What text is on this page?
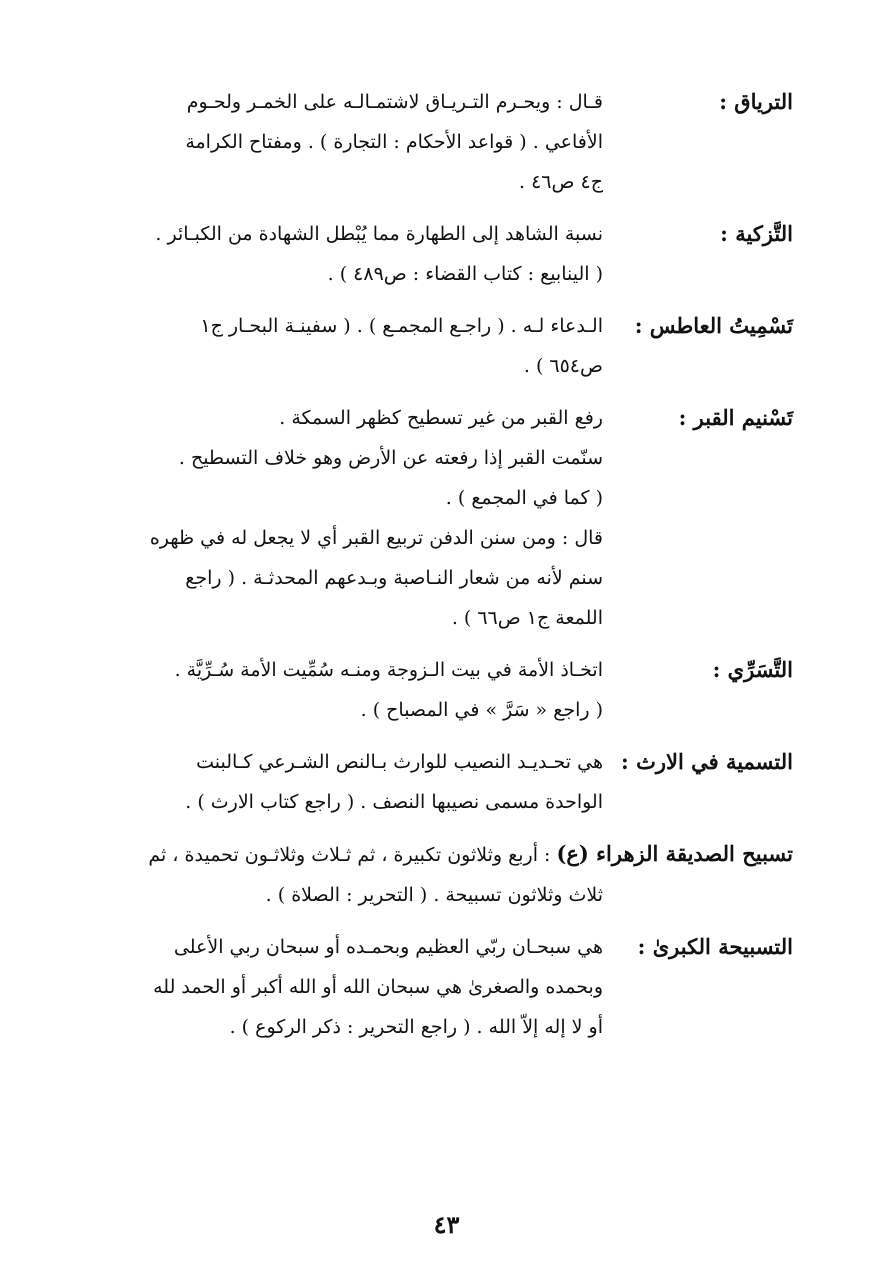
الترياق :
قـال : ويحـرم التـريـاق لاشتمـالـه على الخمـر ولحـوم
الأفاعي . ( قواعد الأحكام : التجارة ) . ومفتاح الكرامة
ج٤ ص٤٦ .
التَّزكية :
نسبة الشاهد إلى الطهارة مما يُبْطل الشهادة من الكبـائر .
( الينابيع : كتاب القضاء : ص٤٨٩ ) .
تَسْمِيتُ العاطس :
الـدعاء لـه . ( راجـع المجمـع ) . ( سفينـة البحـار ج١
ص٦٥٤ ) .
تَسْنيم القبر :
رفع القبر من غير تسطيح كظهر السمكة .
سنّمت القبر إذا رفعته عن الأرض وهو خلاف التسطيح .
( كما في المجمع ) .
قال : ومن سنن الدفن تربيع القبر أي لا يجعل له في ظهره
سنم لأنه من شعار النـاصبة وبـدعهم المحدثـة . ( راجع
اللمعة ج١ ص٦٦ ) .
التَّسَرِّي :
اتخـاذ الأمة في بيت الـزوجة ومنـه سُمِّيت الأمة سُـرِّيَّة .
( راجع « سَرَّ » في المصباح ) .
التسمية في الارث :
هي تحـديـد النصيب للوارث بـالنص الشـرعي كـالبنت
الواحدة مسمى نصيبها النصف . ( راجع كتاب الارث ) .
تسبيح الصديقة الزهراء (ع) : أربع وثلاثون تكبيرة ، ثم ثـلاث وثلاثـون تحميدة ، ثم
ثلاث وثلاثون تسبيحة . ( التحرير : الصلاة ) .
التسبيحة الكبرىٰ :
هي سبحـان ربّي العظيم وبحمـده أو سبحان ربي الأعلى
وبحمده والصغرىٰ هي سبحان الله أو الله أكبر أو الحمد لله
أو لا إله إلاّ الله . ( راجع التحرير : ذكر الركوع ) .
٤٣
